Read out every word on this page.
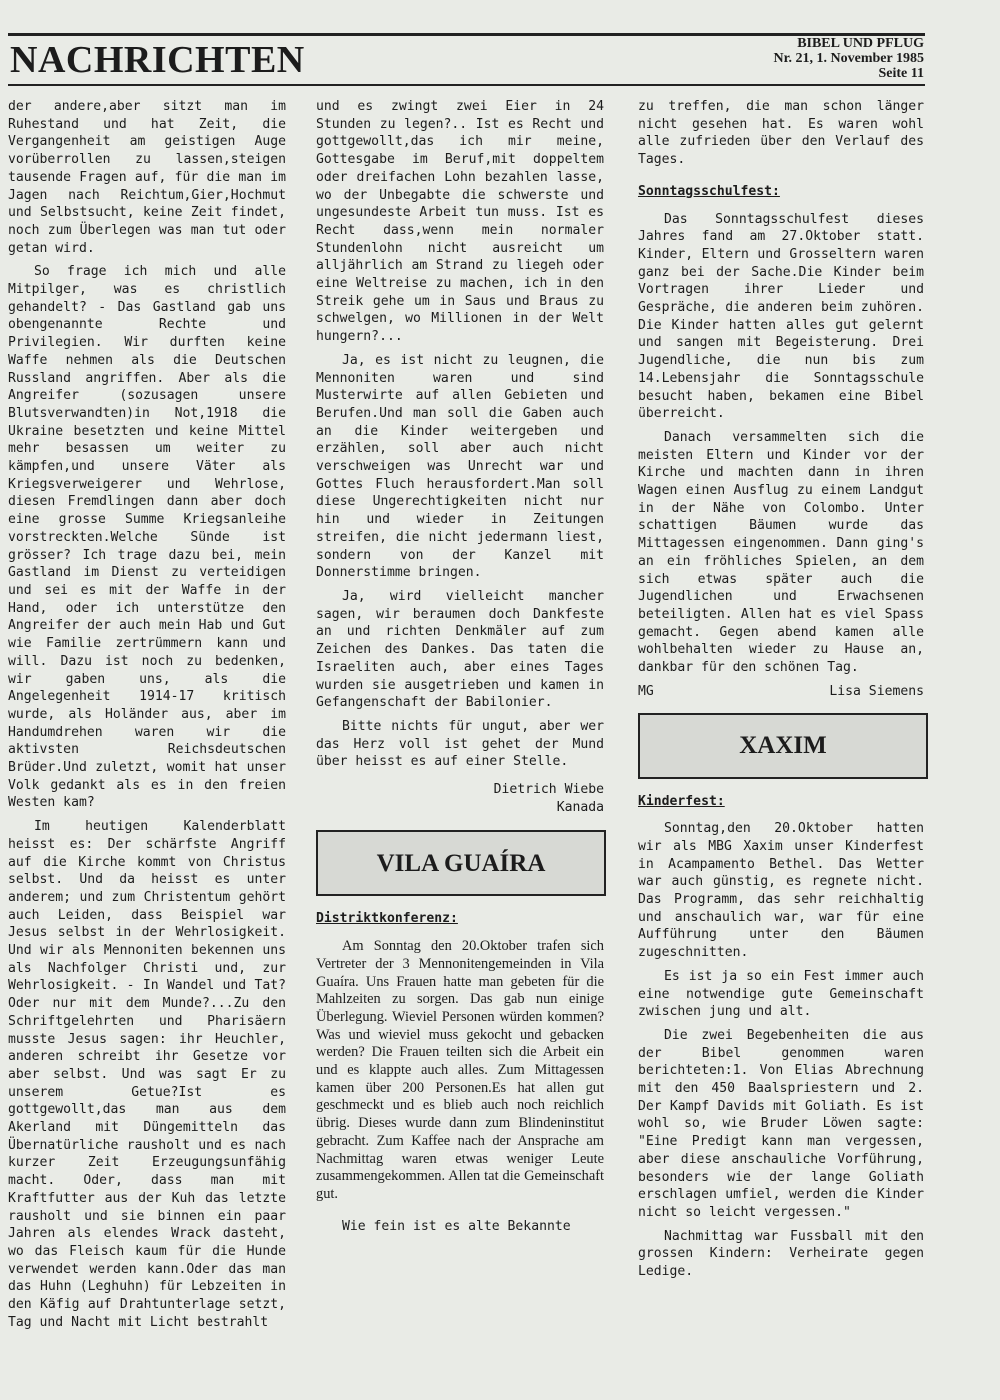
NACHRICHTEN	BIBEL UND PFLUG
Nr. 21, 1. November 1985
Seite 11

der andere,aber sitzt man im Ruhestand und hat Zeit, die Vergangenheit am geistigen Auge vorüberrollen zu lassen,steigen tausende Fragen auf, für die man im Jagen nach Reichtum,Gier,Hochmut und Selbstsucht, keine Zeit findet, noch zum Überlegen was man tut oder getan wird.

So frage ich mich und alle Mitpilger, was es christlich gehandelt? - Das Gastland gab uns obengenannte Rechte und Privilegien. Wir durften keine Waffe nehmen als die Deutschen Russland angriffen. Aber als die Angreifer (sozusagen unsere Blutsverwandten)in Not,1918 die Ukraine besetzten und keine Mittel mehr besassen um weiter zu kämpfen,und unsere Väter als Kriegsverweigerer und Wehrlose, diesen Fremdlingen dann aber doch eine grosse Summe Kriegsanleihe vorstreckten.Welche Sünde ist grösser? Ich trage dazu bei, mein Gastland im Dienst zu verteidigen und sei es mit der Waffe in der Hand, oder ich unterstütze den Angreifer der auch mein Hab und Gut wie Familie zertrümmern kann und will. Dazu ist noch zu bedenken, wir gaben uns, als die Angelegenheit 1914-17 kritisch wurde, als Holänder aus, aber im Handumdrehen waren wir die aktivsten Reichsdeutschen Brüder.Und zuletzt, womit hat unser Volk gedankt als es in den freien Westen kam?

Im heutigen Kalenderblatt heisst es: Der schärfste Angriff auf die Kirche kommt von Christus selbst. Und da heisst es unter anderem; und zum Christentum gehört auch Leiden, dass Beispiel war Jesus selbst in der Wehrlosigkeit. Und wir als Mennoniten bekennen uns als Nachfolger Christi und, zur Wehrlosigkeit. - In Wandel und Tat? Oder nur mit dem Munde?...Zu den Schriftgelehrten und Pharisäern musste Jesus sagen: ihr Heuchler, anderen schreibt ihr Gesetze vor aber selbst. Und was sagt Er zu unserem Getue?Ist es gottgewollt,das man aus dem Akerland mit Düngemitteln das Übernatürliche rausholt und es nach kurzer Zeit Erzeugungsunfähig macht. Oder, dass man mit Kraftfutter aus der Kuh das letzte rausholt und sie binnen ein paar Jahren als elendes Wrack dasteht, wo das Fleisch kaum für die Hunde verwendet werden kann.Oder das man das Huhn (Leghuhn) für Lebzeiten in den Käfig auf Drahtunterlage setzt, Tag und Nacht mit Licht bestrahlt

und es zwingt zwei Eier in 24 Stunden zu legen?.. Ist es Recht und gottgewollt,das ich mir meine, Gottesgabe im Beruf,mit doppeltem oder dreifachen Lohn bezahlen lasse, wo der Unbegabte die schwerste und ungesundeste Arbeit tun muss. Ist es Recht dass,wenn mein normaler Stundenlohn nicht ausreicht um alljährlich am Strand zu liegeh oder eine Weltreise zu machen, ich in den Streik gehe um in Saus und Braus zu schwelgen, wo Millionen in der Welt hungern?...

Ja, es ist nicht zu leugnen, die Mennoniten waren und sind Musterwirte auf allen Gebieten und Berufen.Und man soll die Gaben auch an die Kinder weitergeben und erzählen, soll aber auch nicht verschweigen was Unrecht war und Gottes Fluch herausfordert.Man soll diese Ungerechtigkeiten nicht nur hin und wieder in Zeitungen streifen, die nicht jedermann liest, sondern von der Kanzel mit Donnerstimme bringen.

Ja, wird vielleicht mancher sagen, wir beraumen doch Dankfeste an und richten Denkmäler auf zum Zeichen des Dankes. Das taten die Israeliten auch, aber eines Tages wurden sie ausgetrieben und kamen in Gefangenschaft der Babilonier.

Bitte nichts für ungut, aber wer das Herz voll ist gehet der Mund über heisst es auf einer Stelle.

Dietrich Wiebe
Kanada
VILA GUAÍRA
Distriktkonferenz:

Am Sonntag den 20.Oktober trafen sich Vertreter der 3 Mennonitengemeinden in Vila Guaíra. Uns Frauen hatte man gebeten für die Mahlzeiten zu sorgen. Das gab nun einige Überlegung. Wieviel Personen würden kommen? Was und wieviel muss gekocht und gebacken werden? Die Frauen teilten sich die Arbeit ein und es klappte auch alles. Zum Mittagessen kamen über 200 Personen.Es hat allen gut geschmeckt und es blieb auch noch reichlich übrig. Dieses wurde dann zum Blindeninstitut gebracht. Zum Kaffee nach der Ansprache am Nachmittag waren etwas weniger Leute zusammengekommen. Allen tat die Gemeinschaft gut.

Wie fein ist es alte Bekannte

zu treffen, die man schon länger nicht gesehen hat. Es waren wohl alle zufrieden über den Verlauf des Tages.

Sonntagsschulfest:

Das Sonntagsschulfest dieses Jahres fand am 27.Oktober statt. Kinder, Eltern und Grosseltern waren ganz bei der Sache.Die Kinder beim Vortragen ihrer Lieder und Gespräche, die anderen beim zuhören. Die Kinder hatten alles gut gelernt und sangen mit Begeisterung. Drei Jugendliche, die nun bis zum 14.Lebensjahr die Sonntagsschule besucht haben, bekamen eine Bibel überreicht.

Danach versammelten sich die meisten Eltern und Kinder vor der Kirche und machten dann in ihren Wagen einen Ausflug zu einem Landgut in der Nähe von Colombo. Unter schattigen Bäumen wurde das Mittagessen eingenommen. Dann ging's an ein fröhliches Spielen, an dem sich etwas später auch die Jugendlichen und Erwachsenen beteiligten. Allen hat es viel Spass gemacht. Gegen abend kamen alle wohlbehalten wieder zu Hause an, dankbar für den schönen Tag.

MG	Lisa Siemens
XAXIM
Kinderfest:

Sonntag,den 20.Oktober hatten wir als MBG Xaxim unser Kinderfest in Acampamento Bethel. Das Wetter war auch günstig, es regnete nicht. Das Programm, das sehr reichhaltig und anschaulich war, war für eine Aufführung unter den Bäumen zugeschnitten.

Es ist ja so ein Fest immer auch eine notwendige gute Gemeinschaft zwischen jung und alt.

Die zwei Begebenheiten die aus der Bibel genommen waren berichteten:1. Von Elias Abrechnung mit den 450 Baalspriestern und 2. Der Kampf Davids mit Goliath. Es ist wohl so, wie Bruder Löwen sagte: "Eine Predigt kann man vergessen, aber diese anschauliche Vorführung, besonders wie der lange Goliath erschlagen umfiel, werden die Kinder nicht so leicht vergessen."

Nachmittag war Fussball mit den grossen Kindern: Verheirate gegen Ledige.
